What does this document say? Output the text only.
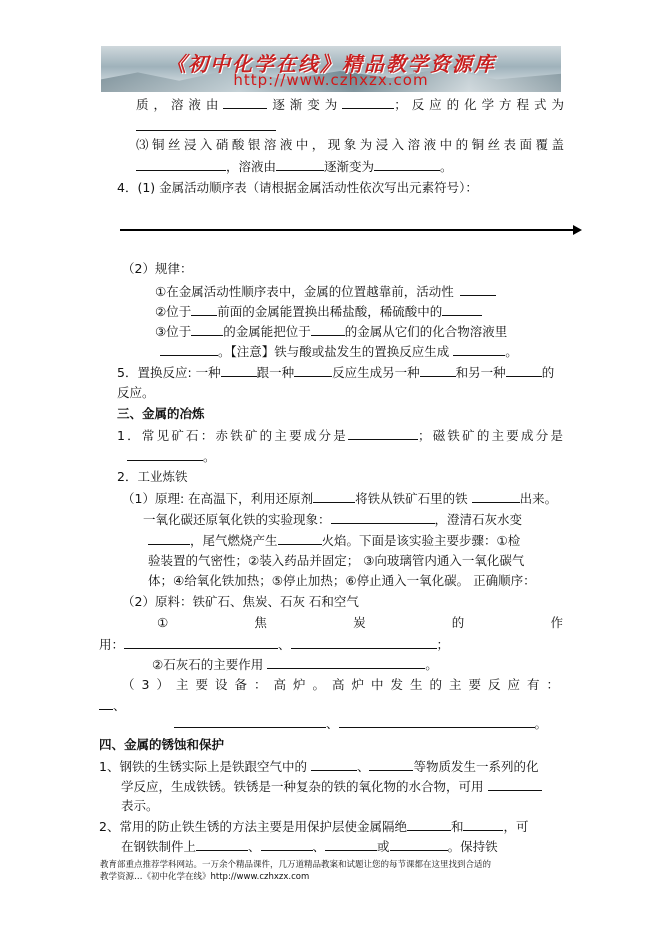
《初中化学在线》精品教学资源库
http://www.czhxzx.com
质，溶液由	逐渐变为	；反应的化学方程式为
⑶铜丝浸入硝酸银溶液中，现象为浸入溶液中的铜丝表面覆盖
，溶液由	逐渐变为	。
4．(1) 金属活动顺序表（请根据金属活动性依次写出元素符号）：
（2）规律：
①在金属活动性顺序表中，金属的位置越靠前，活动性
②位于 前面的金属能置换出稀盐酸，稀硫酸中的
③位于	的金属能把位于	的金属从它们的化合物溶液里
。【注意】铁与酸或盐发生的置换反应生成	。
5．置换反应: 一种	跟一种	反应生成另一种	和另一种	的
反应。
三、金属的冶炼
1．常见矿石：赤铁矿的主要成分是	；磁铁矿的主要成分是
。
2．工业炼铁
（1）原理: 在高温下，利用还原剂	将铁从铁矿石里的铁	出来。
一氧化碳还原氧化铁的实验现象：	，澄清石灰水变
，尾气燃烧产生	火焰。下面是该实验主要步骤：①检
验装置的气密性；②装入药品并固定； ③向玻璃管内通入一氧化碳气
体；④给氧化铁加热；⑤停止加热；⑥停止通入一氧化碳。 正确顺序：
（2）原料：铁矿石、焦炭、石灰 石和空气
①	焦	炭	的	作
用：	、	；
②石灰石的主要作用	。
（3）主要设备：高炉。高炉中发生的主要反应有：
、
、	。
四、金属的锈蚀和保护
1、钢铁的生锈实际上是铁跟空气中的	、	等物质发生一系列的化
学反应，生成铁锈。铁锈是一种复杂的铁的氧化物的水合物，可用
表示。
2、常用的防止铁生锈的方法主要是用保护层使金属隔绝	和	，可
在钢铁制件上	、	、	或	。保持铁
教育部重点推荐学科网站。一万余个精品课件，几万道精品教案和试题让您的每节课都在这里找到合适的
教学资源…《初中化学在线》http://www.czhxzx.com
